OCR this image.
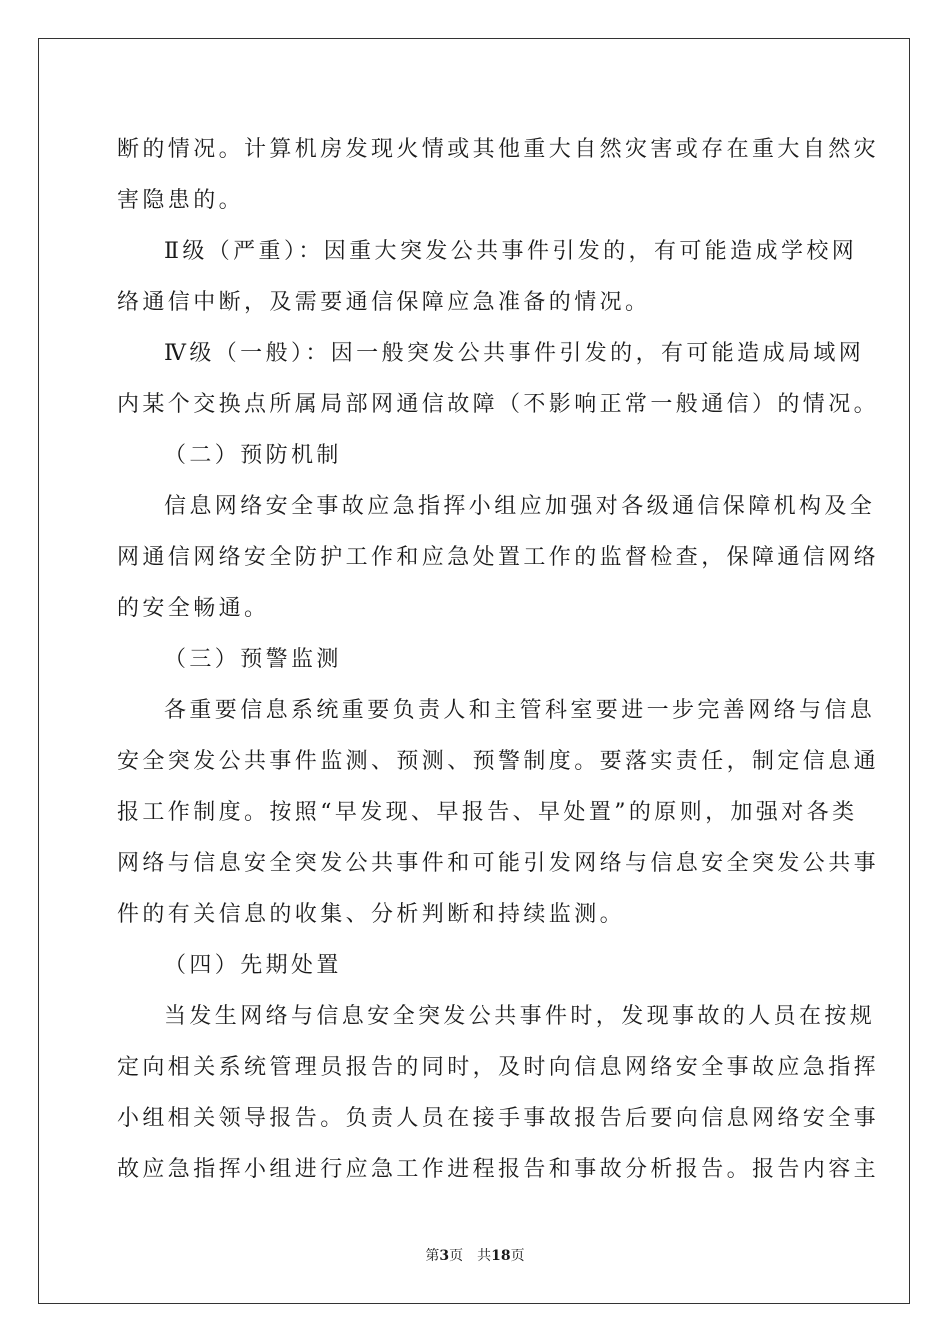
断的情况。计算机房发现火情或其他重大自然灾害或存在重大自然灾
害隐患的。
Ⅱ级（严重）：因重大突发公共事件引发的，有可能造成学校网
络通信中断，及需要通信保障应急准备的情况。
Ⅳ级（一般）：因一般突发公共事件引发的，有可能造成局域网
内某个交换点所属局部网通信故障（不影响正常一般通信）的情况。
（二）预防机制
信息网络安全事故应急指挥小组应加强对各级通信保障机构及全
网通信网络安全防护工作和应急处置工作的监督检查，保障通信网络
的安全畅通。
（三）预警监测
各重要信息系统重要负责人和主管科室要进一步完善网络与信息
安全突发公共事件监测、预测、预警制度。要落实责任，制定信息通
报工作制度。按照“早发现、早报告、早处置”的原则，加强对各类
网络与信息安全突发公共事件和可能引发网络与信息安全突发公共事
件的有关信息的收集、分析判断和持续监测。
（四）先期处置
当发生网络与信息安全突发公共事件时，发现事故的人员在按规
定向相关系统管理员报告的同时，及时向信息网络安全事故应急指挥
小组相关领导报告。负责人员在接手事故报告后要向信息网络安全事
故应急指挥小组进行应急工作进程报告和事故分析报告。报告内容主
第3页 共18页
